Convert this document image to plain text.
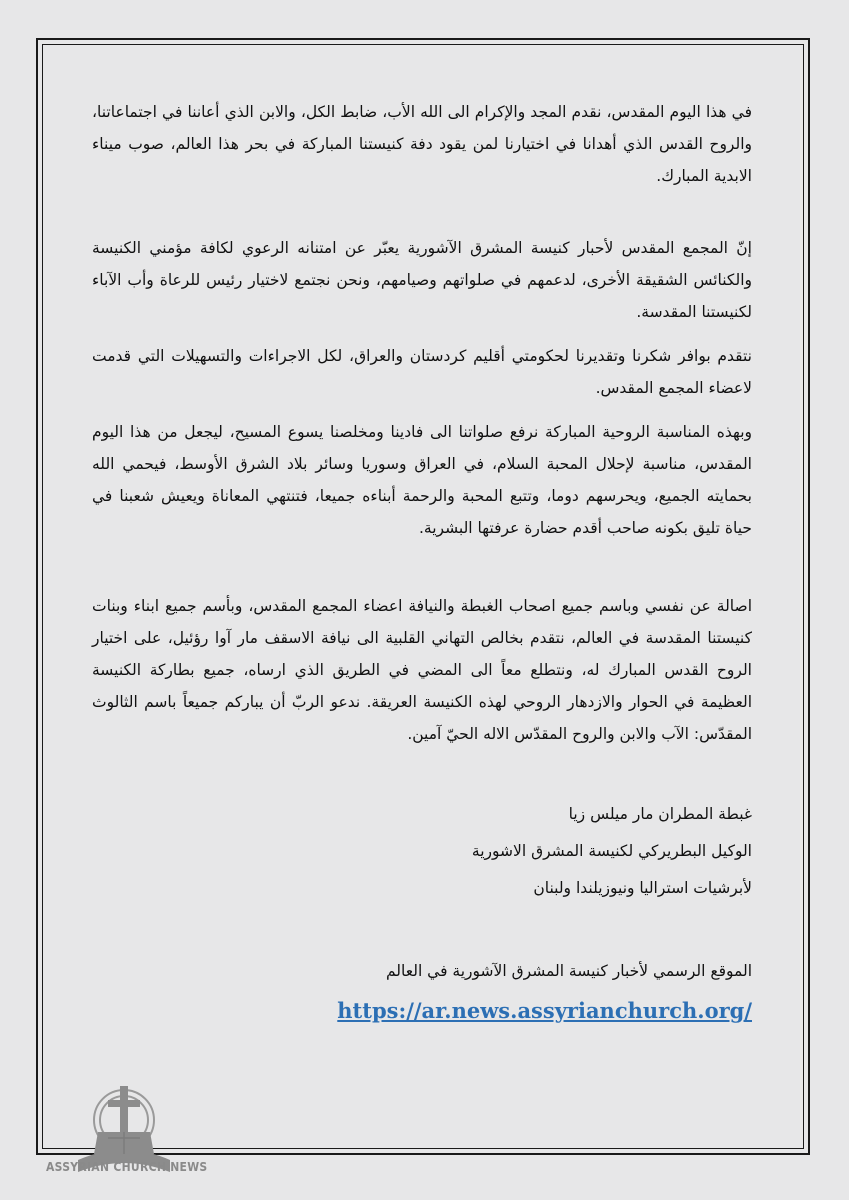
في هذا اليوم المقدس، نقدم المجد والإكرام الى الله الأب، ضابط الكل، والابن الذي أعاننا في اجتماعاتنا، والروح القدس الذي أهدانا في اختيارنا لمن يقود دفة كنيستنا المباركة في بحر هذا العالم، صوب ميناء الابدية المبارك.

إنّ المجمع المقدس لأحبار كنيسة المشرق الآشورية يعبّر عن امتنانه الرعوي لكافة مؤمني الكنيسة والكنائس الشقيقة الأخرى، لدعمهم في صلواتهم وصيامهم، ونحن نجتمع لاختيار رئيس للرعاة وأب الآباء لكنيستنا المقدسة.

نتقدم بوافر شكرنا وتقديرنا لحكومتي أقليم كردستان والعراق، لكل الاجراءات والتسهيلات التي قدمت لاعضاء المجمع المقدس.

وبهذه المناسبة الروحية المباركة نرفع صلواتنا الى فادينا ومخلصنا يسوع المسيح، ليجعل من هذا اليوم المقدس، مناسبة لإحلال المحبة السلام، في العراق وسوريا وسائر بلاد الشرق الأوسط، فيحمي الله بحمايته الجميع، ويحرسهم دوما، وتتبع المحبة والرحمة أبناءه جميعا، فتنتهي المعاناة ويعيش شعبنا في حياة تليق بكونه صاحب أقدم حضارة عرفتها البشرية.

اصالة عن نفسي وباسم جميع اصحاب الغبطة والنيافة اعضاء المجمع المقدس، وبأسم جميع ابناء وبنات كنيستنا المقدسة في العالم، نتقدم بخالص التهاني القلبية الى نيافة الاسقف مار آوا رؤئيل، على اختيار الروح القدس المبارك له، ونتطلع معاً الى المضي في الطريق الذي ارساه، جميع بطاركة الكنيسة العظيمة في الحوار والازدهار الروحي لهذه الكنيسة العريقة. ندعو الربّ أن يباركم جميعاً باسم الثالوث المقدّس: الآب والابن والروح المقدّس الاله الحيّ آمين.

غبطة المطران مار ميلس زيا
الوكيل البطريركي لكنيسة المشرق الاشورية
لأبرشيات استراليا ونيوزيلندا ولبنان
الموقع الرسمي لأخبار كنيسة المشرق الآشورية في العالم
https://ar.news.assyrianchurch.org/
ASSYRIAN CHURCH NEWS
